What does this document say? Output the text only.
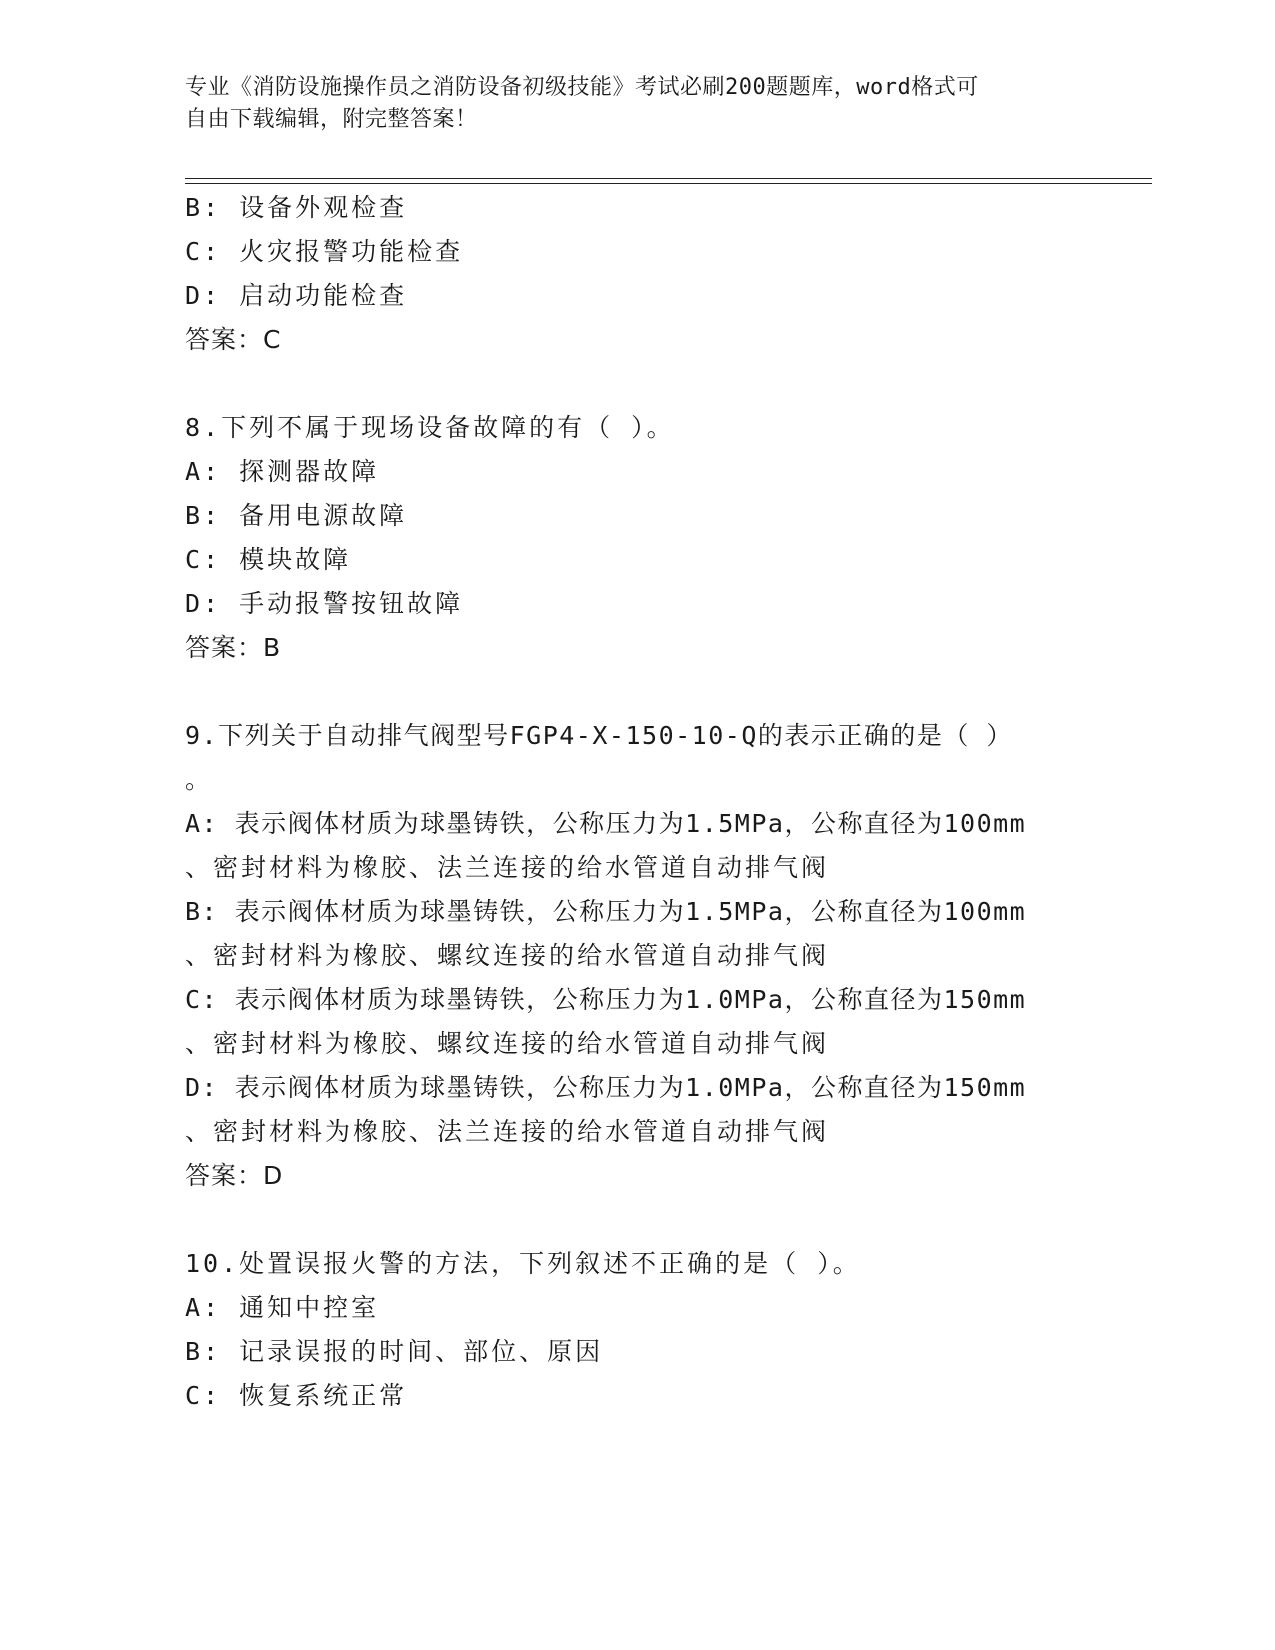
专业《消防设施操作员之消防设备初级技能》考试必刷200题题库，word格式可
自由下载编辑，附完整答案！
B: 设备外观检查
C: 火灾报警功能检查
D: 启动功能检查
答案：C
8.下列不属于现场设备故障的有（ ）。
A: 探测器故障
B: 备用电源故障
C: 模块故障
D: 手动报警按钮故障
答案：B
9.下列关于自动排气阀型号FGP4-X-150-10-Q的表示正确的是（ ）
。
A: 表示阀体材质为球墨铸铁，公称压力为1.5MPa，公称直径为100mm
、密封材料为橡胶、法兰连接的给水管道自动排气阀
B: 表示阀体材质为球墨铸铁，公称压力为1.5MPa，公称直径为100mm
、密封材料为橡胶、螺纹连接的给水管道自动排气阀
C: 表示阀体材质为球墨铸铁，公称压力为1.0MPa，公称直径为150mm
、密封材料为橡胶、螺纹连接的给水管道自动排气阀
D: 表示阀体材质为球墨铸铁，公称压力为1.0MPa，公称直径为150mm
、密封材料为橡胶、法兰连接的给水管道自动排气阀
答案：D
10.处置误报火警的方法，下列叙述不正确的是（ ）。
A: 通知中控室
B: 记录误报的时间、部位、原因
C: 恢复系统正常
